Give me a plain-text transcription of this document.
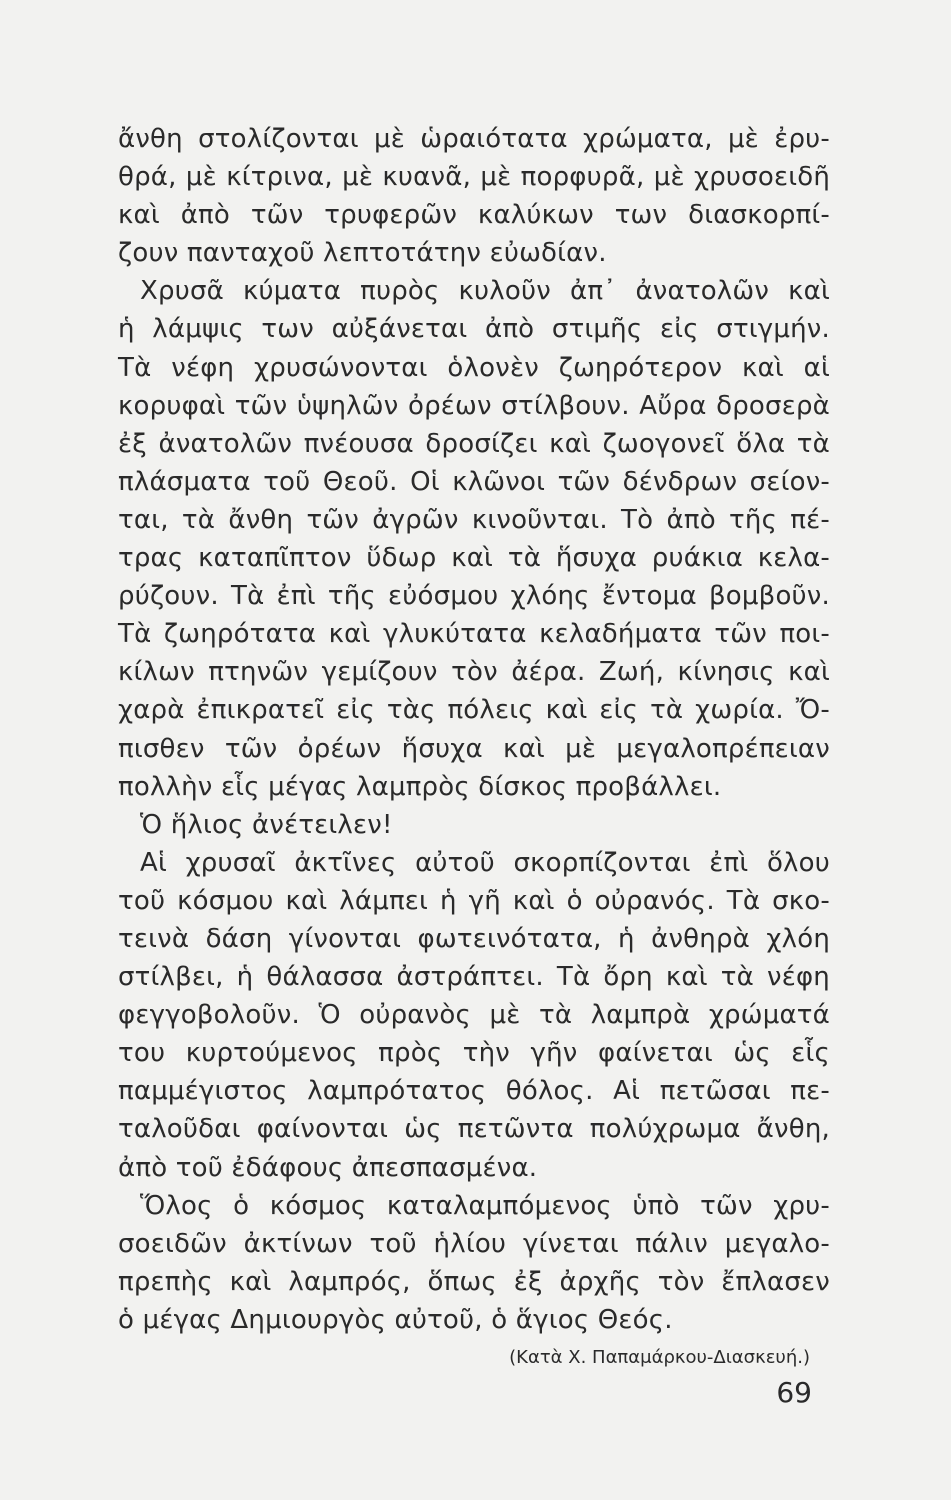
ἄνθη στολίζονται μὲ ὡραιότατα χρώματα, μὲ ἐρυ-
θρά, μὲ κίτρινα, μὲ κυανᾶ, μὲ πορφυρᾶ, μὲ χρυσοειδῆ
καὶ ἀπὸ τῶν τρυφερῶν καλύκων των διασκορπί-
ζουν πανταχοῦ λεπτοτάτην εὐωδίαν.
Χρυσᾶ κύματα πυρὸς κυλοῦν ἀπ᾽ ἀνατολῶν καὶ
ἡ λάμψις των αὐξάνεται ἀπὸ στιμῆς εἰς στιγμήν.
Τὰ νέφη χρυσώνονται ὁλονὲν ζωηρότερον καὶ αἱ
κορυφαὶ τῶν ὑψηλῶν ὀρέων στίλβουν. Αὔρα δροσερὰ
ἐξ ἀνατολῶν πνέουσα δροσίζει καὶ ζωογονεῖ ὅλα τὰ
πλάσματα τοῦ Θεοῦ. Οἱ κλῶνοι τῶν δένδρων σείον-
ται, τὰ ἄνθη τῶν ἀγρῶν κινοῦνται. Τὸ ἀπὸ τῆς πέ-
τρας καταπῖπτον ὕδωρ καὶ τὰ ἥσυχα ρυάκια κελα-
ρύζουν. Τὰ ἐπὶ τῆς εὐόσμου χλόης ἔντομα βομβοῦν.
Τὰ ζωηρότατα καὶ γλυκύτατα κελαδήματα τῶν ποι-
κίλων πτηνῶν γεμίζουν τὸν ἀέρα. Ζωή, κίνησις καὶ
χαρὰ ἐπικρατεῖ εἰς τὰς πόλεις καὶ εἰς τὰ χωρία. Ὄ-
πισθεν τῶν ὀρέων ἥσυχα καὶ μὲ μεγαλοπρέπειαν
πολλὴν εἷς μέγας λαμπρὸς δίσκος προβάλλει.
Ὁ ἥλιος ἀνέτειλεν!
Αἱ χρυσαῖ ἀκτῖνες αὐτοῦ σκορπίζονται ἐπὶ ὅλου
τοῦ κόσμου καὶ λάμπει ἡ γῆ καὶ ὁ οὐρανός. Τὰ σκο-
τεινὰ δάση γίνονται φωτεινότατα, ἡ ἀνθηρὰ χλόη
στίλβει, ἡ θάλασσα ἀστράπτει. Τὰ ὄρη καὶ τὰ νέφη
φεγγοβολοῦν. Ὁ οὐρανὸς μὲ τὰ λαμπρὰ χρώματά
του κυρτούμενος πρὸς τὴν γῆν φαίνεται ὡς εἷς
παμμέγιστος λαμπρότατος θόλος. Αἱ πετῶσαι πε-
ταλοῦδαι φαίνονται ὡς πετῶντα πολύχρωμα ἄνθη,
ἀπὸ τοῦ ἐδάφους ἀπεσπασμένα.
Ὅλος ὁ κόσμος καταλαμπόμενος ὑπὸ τῶν χρυ-
σοειδῶν ἀκτίνων τοῦ ἡλίου γίνεται πάλιν μεγαλο-
πρεπὴς καὶ λαμπρός, ὅπως ἐξ ἀρχῆς τὸν ἔπλασεν
ὁ μέγας Δημιουργὸς αὐτοῦ, ὁ ἅγιος Θεός.
(Κατὰ Χ. Παπαμάρκου-Διασκευή.)
69
